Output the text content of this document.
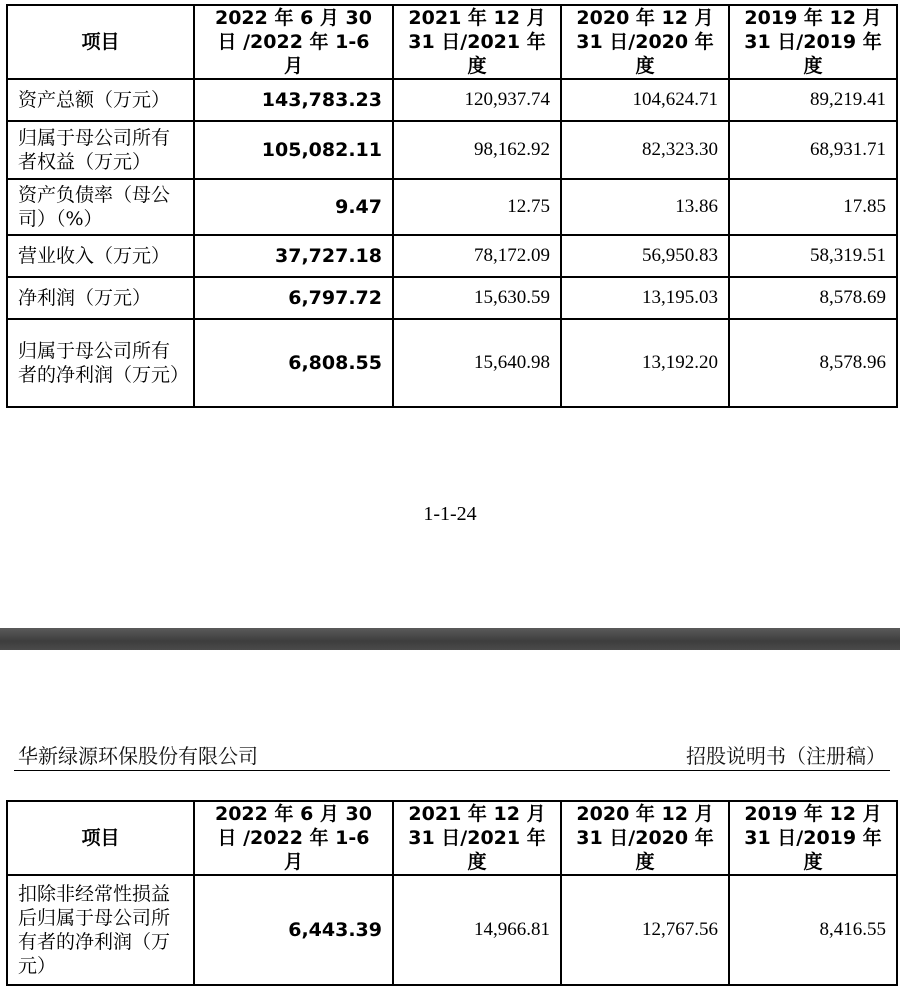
项目	2022 年 6 月 30 日 /2022 年 1-6 月	2021 年 12 月 31 日/2021 年度	2020 年 12 月 31 日/2020 年度	2019 年 12 月 31 日/2019 年度
资产总额（万元）	143,783.23	120,937.74	104,624.71	89,219.41
归属于母公司所有者权益（万元）	105,082.11	98,162.92	82,323.30	68,931.71
资产负债率（母公司）（%）	9.47	12.75	13.86	17.85
营业收入（万元）	37,727.18	78,172.09	56,950.83	58,319.51
净利润（万元）	6,797.72	15,630.59	13,195.03	8,578.69
归属于母公司所有者的净利润（万元）	6,808.55	15,640.98	13,192.20	8,578.96
1-1-24
华新绿源环保股份有限公司	招股说明书（注册稿）
项目	2022 年 6 月 30 日 /2022 年 1-6 月	2021 年 12 月 31 日/2021 年度	2020 年 12 月 31 日/2020 年度	2019 年 12 月 31 日/2019 年度
扣除非经常性损益后归属于母公司所有者的净利润（万元）	6,443.39	14,966.81	12,767.56	8,416.55
